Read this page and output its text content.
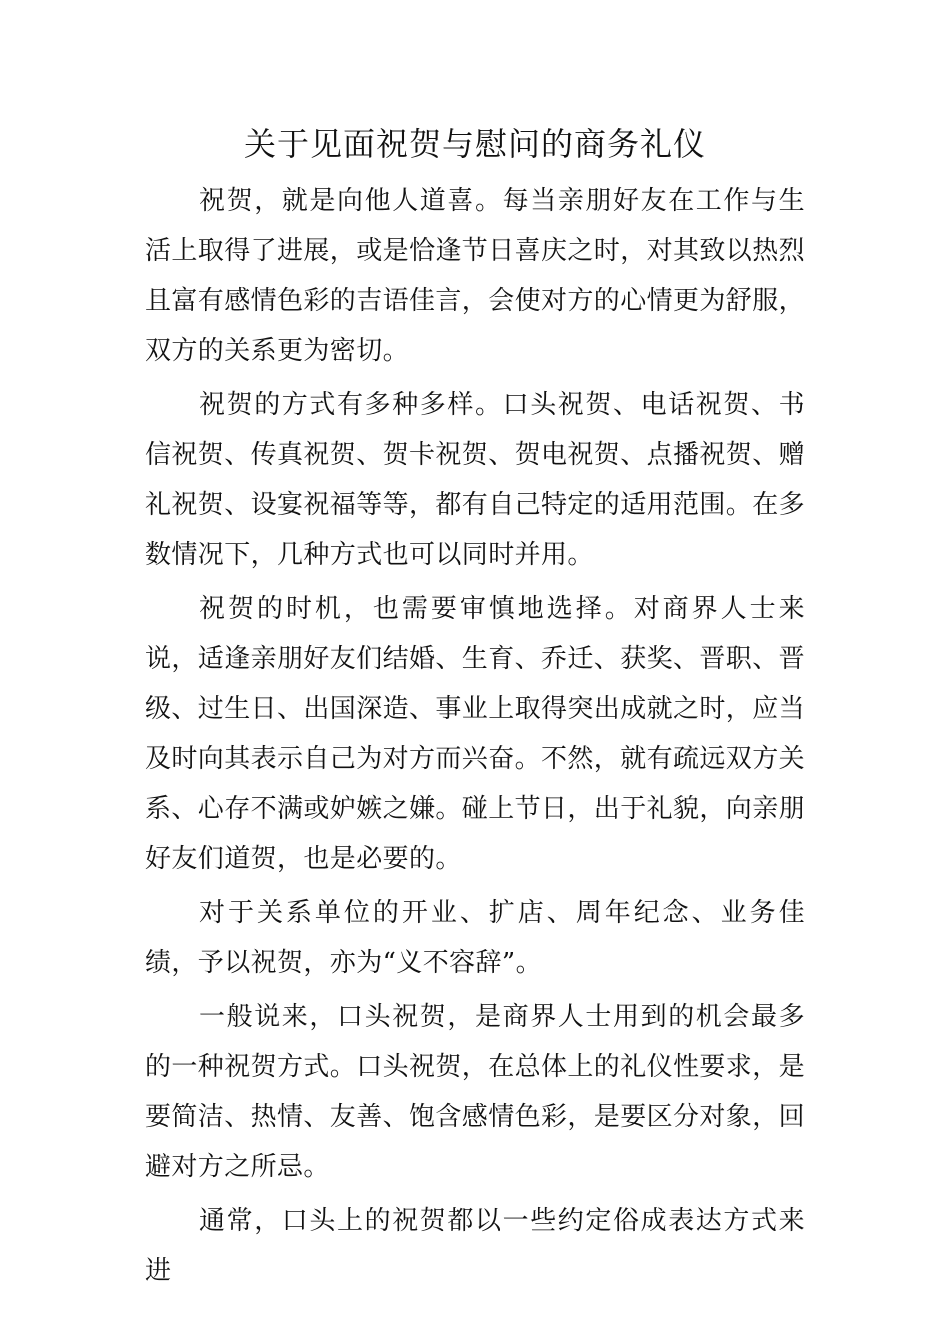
关于见面祝贺与慰问的商务礼仪

祝贺，就是向他人道喜。每当亲朋好友在工作与生活上取得了进展，或是恰逢节日喜庆之时，对其致以热烈且富有感情色彩的吉语佳言，会使对方的心情更为舒服，双方的关系更为密切。

祝贺的方式有多种多样。口头祝贺、电话祝贺、书信祝贺、传真祝贺、贺卡祝贺、贺电祝贺、点播祝贺、赠礼祝贺、设宴祝福等等，都有自己特定的适用范围。在多数情况下，几种方式也可以同时并用。

祝贺的时机，也需要审慎地选择。对商界人士来说，适逢亲朋好友们结婚、生育、乔迁、获奖、晋职、晋级、过生日、出国深造、事业上取得突出成就之时，应当及时向其表示自己为对方而兴奋。不然，就有疏远双方关系、心存不满或妒嫉之嫌。碰上节日，出于礼貌，向亲朋好友们道贺，也是必要的。

对于关系单位的开业、扩店、周年纪念、业务佳绩，予以祝贺，亦为“义不容辞”。

一般说来，口头祝贺，是商界人士用到的机会最多的一种祝贺方式。口头祝贺，在总体上的礼仪性要求，是要简洁、热情、友善、饱含感情色彩，是要区分对象，回避对方之所忌。

通常，口头上的祝贺都以一些约定俗成表达方式来进
